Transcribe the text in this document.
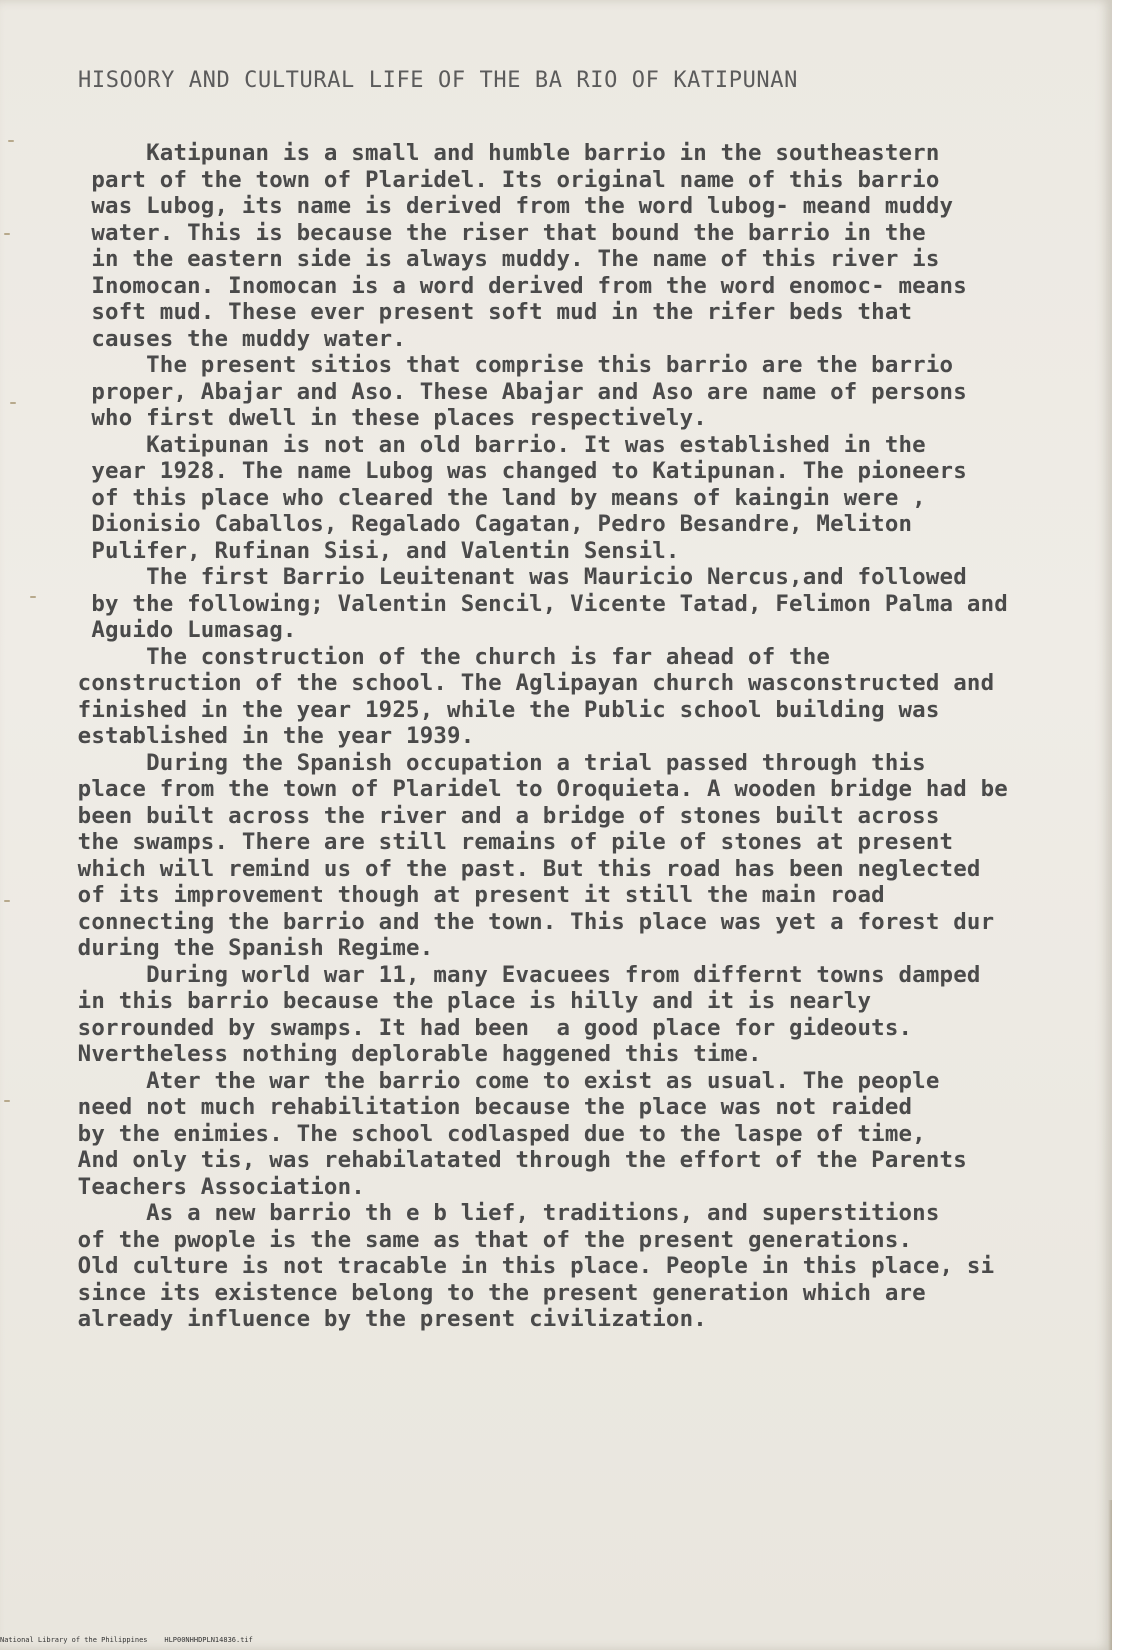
HISOORY AND CULTURAL LIFE OF THE BA RIO OF KATIPUNAN
Katipunan is a small and humble barrio in the southeastern
part of the town of Plaridel. Its original name of this barrio
was Lubog, its name is derived from the word lubog- meand muddy
water. This is because the riser that bound the barrio in the
in the eastern side is always muddy. The name of this river is
Inomocan. Inomocan is a word derived from the word enomoc- means
soft mud. These ever present soft mud in the rifer beds that
causes the muddy water.
The present sitios that comprise this barrio are the barrio
proper, Abajar and Aso. These Abajar and Aso are name of persons
who first dwell in these places respectively.
Katipunan is not an old barrio. It was established in the
year 1928. The name Lubog was changed to Katipunan. The pioneers
of this place who cleared the land by means of kaingin were ,
Dionisio Caballos, Regalado Cagatan, Pedro Besandre, Meliton
Pulifer, Rufinan Sisi, and Valentin Sensil.
The first Barrio Leuitenant was Mauricio Nercus,and followed
by the following; Valentin Sencil, Vicente Tatad, Felimon Palma and
Aguido Lumasag.
The construction of the church is far ahead of the
construction of the school. The Aglipayan church wasconstructed and
finished in the year 1925, while the Public school building was
established in the year 1939.
During the Spanish occupation a trial passed through this
place from the town of Plaridel to Oroquieta. A wooden bridge had be
been built across the river and a bridge of stones built across
the swamps. There are still remains of pile of stones at present
which will remind us of the past. But this road has been neglected
of its improvement though at present it still the main road
connecting the barrio and the town. This place was yet a forest dur
during the Spanish Regime.
During world war 11, many Evacuees from differnt towns damped
in this barrio because the place is hilly and it is nearly
sorrounded by swamps. It had been  a good place for gideouts.
Nvertheless nothing deplorable haggened this time.
Ater the war the barrio come to exist as usual. The people
need not much rehabilitation because the place was not raided
by the enimies. The school codlasped due to the laspe of time,
And only tis, was rehabilatated through the effort of the Parents
Teachers Association.
As a new barrio th e b lief, traditions, and superstitions
of the pwople is the same as that of the present generations.
Old culture is not tracable in this place. People in this place, si
since its existence belong to the present generation which are
already influence by the present civilization.
National Library of the Philippines    HLP00NHHDPLN14836.tif
